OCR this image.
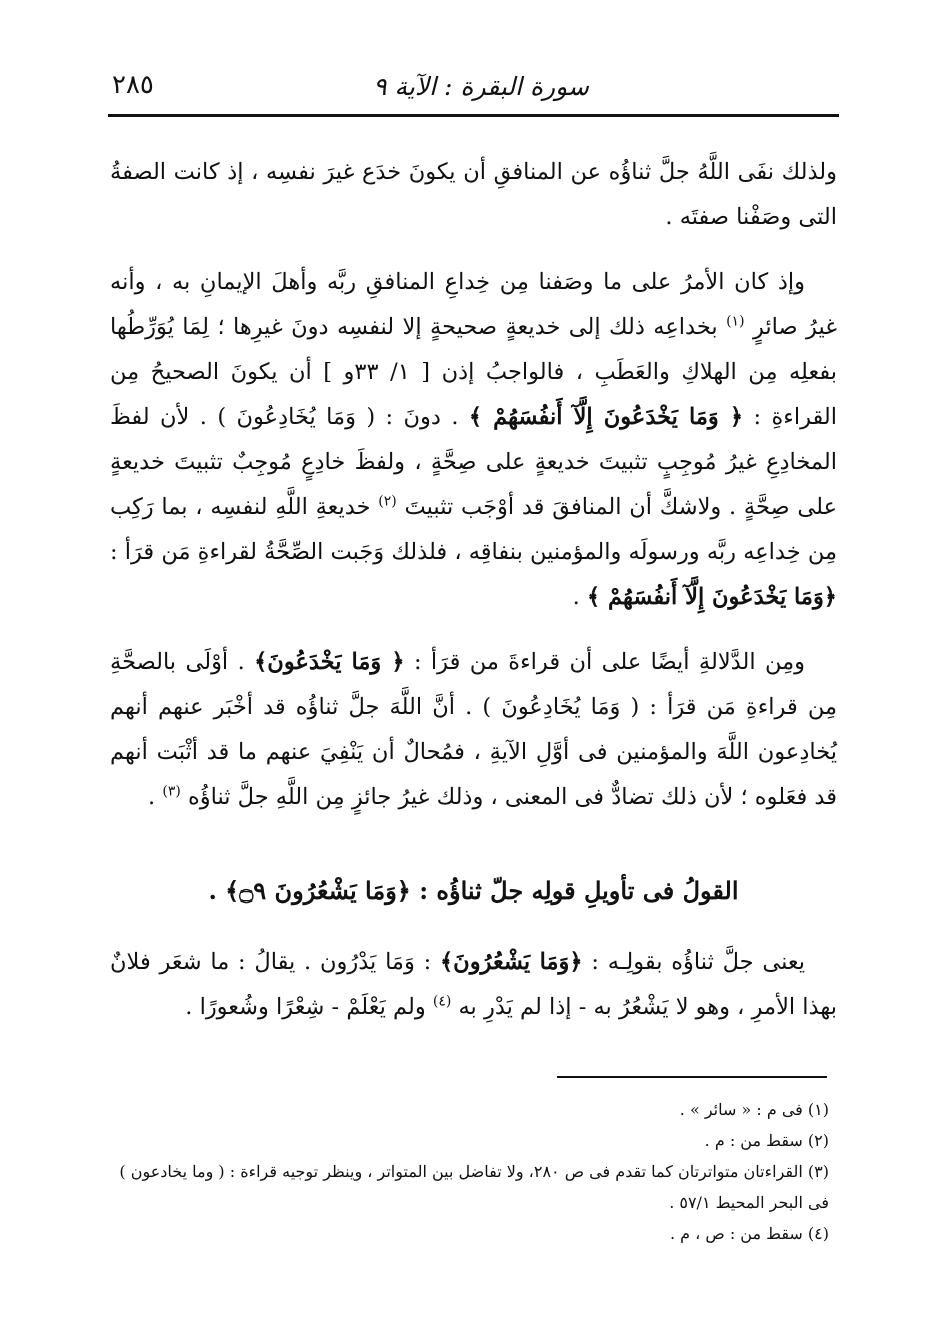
سورة البقرة : الآية ٩
٢٨٥

ولذلك نفَى اللَّهُ جلَّ ثناؤُه عن المنافقِ أن يكونَ خدَع غيرَ نفسِه ، إذ كانت الصفةُ التى وصَفْنا صفتَه .

وإذ كان الأمرُ على ما وصَفنا مِن خِداعِ المنافقِ ربَّه وأهلَ الإيمانِ به ، وأنه غيرُ صائرٍ $^{(١)}$ بخداعِه ذلك إلى خديعةٍ صحيحةٍ إلا لنفسِه دونَ غيرِها ؛ لِمَا يُوَرِّطُها بفعلِه مِن الهلاكِ والعَطَبِ ، فالواجبُ إذن [ ١/ ٣٣و ] أن يكونَ الصحيحُ مِن القراءةِ : ﴿ وَمَا يَخْدَعُونَ إِلَّآ أَنفُسَهُمْ ﴾ . دونَ : ( وَمَا يُخَادِعُونَ ) . لأن لفظَ المخادِعِ غيرُ مُوجِبٍ تثبيتَ خديعةٍ على صِحَّةٍ ، ولفظَ خادِعٍ مُوجِبٌ تثبيتَ خديعةٍ على صِحَّةٍ . ولاشكَّ أن المنافقَ قد أوْجَب تثبيتَ $^{(٢)}$ خديعةِ اللَّهِ لنفسِه ، بما رَكِب مِن خِداعِه ربَّه ورسولَه والمؤمنين بنفاقِه ، فلذلك وَجَبت الصِّحَّةُ لقراءةِ مَن قرَأ : ﴿وَمَا يَخْدَعُونَ إِلَّآ أَنفُسَهُمْ ﴾ .

ومِن الدَّلالةِ أيضًا على أن قراءةَ من قرَأ : ﴿ وَمَا يَخْدَعُونَ﴾ . أوْلَى بالصحَّةِ مِن قراءةِ مَن قرَأ : ( وَمَا يُخَادِعُونَ ) . أنَّ اللَّهَ جلَّ ثناؤُه قد أخْبَر عنهم أنهم يُخادِعون اللَّهَ والمؤمنين فى أوَّلِ الآيةِ ، فمُحالٌ أن يَنْفِيَ عنهم ما قد أثْبَت أنهم قد فعَلوه ؛ لأن ذلك تضادٌّ فى المعنى ، وذلك غيرُ جائزٍ مِن اللَّهِ جلَّ ثناؤُه $^{(٣)}$ .

القولُ فى تأويلِ قولِه جلّ ثناؤُه : ﴿وَمَا يَشْعُرُونَ ۝٩﴾ .

يعنى جلَّ ثناؤُه بقولِـه : ﴿وَمَا يَشْعُرُونَ﴾ : وَمَا يَدْرُون . يقالُ : ما شعَر فلانٌ بهذا الأمرِ ، وهو لا يَشْعُرُ به - إذا لم يَدْرِ به $^{(٤)}$ ولم يَعْلَمْ - شِعْرًا وشُعورًا .

(١) فى م : « سائر » .

(٢) سقط من : م .

(٣) القراءتان متواترتان كما تقدم فى ص ٢٨٠، ولا تفاضل بين المتواتر ، وينظر توجيه قراءة : ( وما يخادعون ) فى البحر المحيط ٥٧/١ .

(٤) سقط من : ص ، م .
